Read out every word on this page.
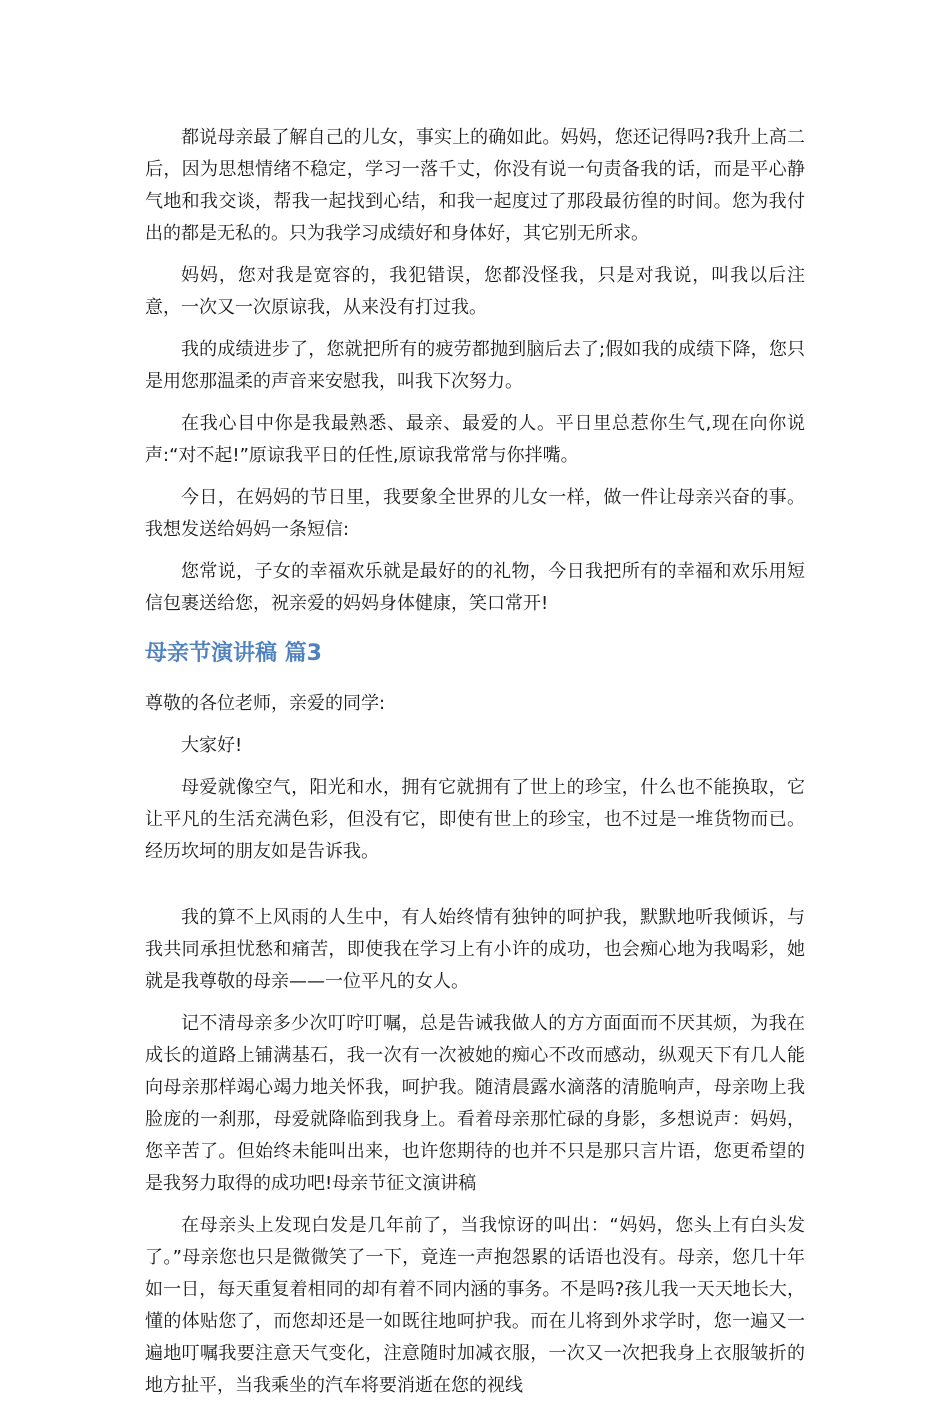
都说母亲最了解自己的儿女，事实上的确如此。妈妈，您还记得吗?我升上高二后，因为思想情绪不稳定，学习一落千丈，你没有说一句责备我的话，而是平心静气地和我交谈，帮我一起找到心结，和我一起度过了那段最彷徨的时间。您为我付出的都是无私的。只为我学习成绩好和身体好，其它别无所求。

妈妈，您对我是宽容的，我犯错误，您都没怪我，只是对我说，叫我以后注意，一次又一次原谅我，从来没有打过我。

我的成绩进步了，您就把所有的疲劳都抛到脑后去了;假如我的成绩下降，您只是用您那温柔的声音来安慰我，叫我下次努力。

在我心目中你是我最熟悉、最亲、最爱的人。平日里总惹你生气,现在向你说声:“对不起!”原谅我平日的任性,原谅我常常与你拌嘴。

今日，在妈妈的节日里，我要象全世界的儿女一样，做一件让母亲兴奋的事。我想发送给妈妈一条短信:

您常说，子女的幸福欢乐就是最好的的礼物，今日我把所有的幸福和欢乐用短信包裹送给您，祝亲爱的妈妈身体健康，笑口常开!

母亲节演讲稿 篇3

尊敬的各位老师，亲爱的同学:

大家好!

母爱就像空气，阳光和水，拥有它就拥有了世上的珍宝，什么也不能换取，它让平凡的生活充满色彩，但没有它，即使有世上的珍宝，也不过是一堆货物而已。经历坎坷的朋友如是告诉我。

我的算不上风雨的人生中，有人始终情有独钟的呵护我，默默地听我倾诉，与我共同承担忧愁和痛苦，即使我在学习上有小许的成功，也会痴心地为我喝彩，她就是我尊敬的母亲——一位平凡的女人。

记不清母亲多少次叮咛叮嘱，总是告诫我做人的方方面面而不厌其烦，为我在成长的道路上铺满基石，我一次有一次被她的痴心不改而感动，纵观天下有几人能向母亲那样竭心竭力地关怀我，呵护我。随清晨露水滴落的清脆响声，母亲吻上我脸庞的一刹那，母爱就降临到我身上。看着母亲那忙碌的身影，多想说声：妈妈，您辛苦了。但始终未能叫出来，也许您期待的也并不只是那只言片语，您更希望的是我努力取得的成功吧!母亲节征文演讲稿

在母亲头上发现白发是几年前了，当我惊讶的叫出：“妈妈，您头上有白头发了。”母亲您也只是微微笑了一下，竟连一声抱怨累的话语也没有。母亲，您几十年如一日，每天重复着相同的却有着不同内涵的事务。不是吗?孩儿我一天天地长大，懂的体贴您了，而您却还是一如既往地呵护我。而在儿将到外求学时，您一遍又一遍地叮嘱我要注意天气变化，注意随时加减衣服，一次又一次把我身上衣服皱折的地方扯平，当我乘坐的汽车将要消逝在您的视线
